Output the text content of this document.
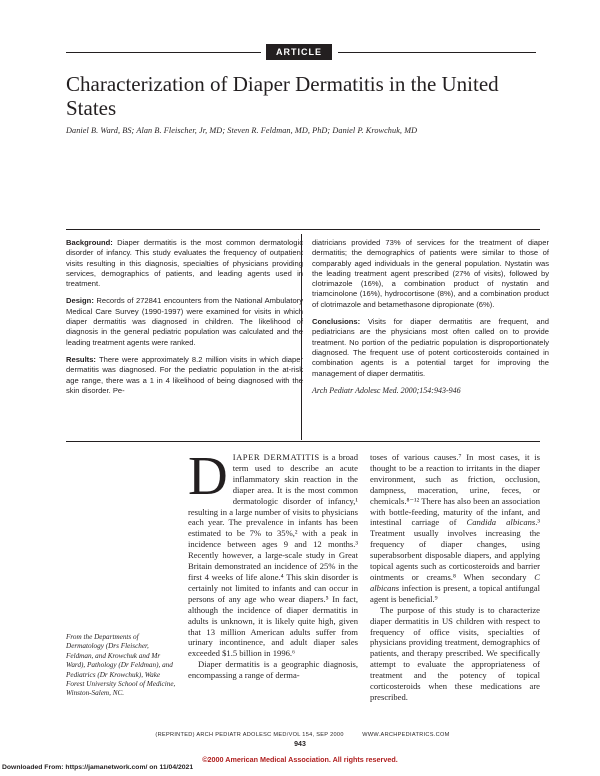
ARTICLE
Characterization of Diaper Dermatitis in the United States
Daniel B. Ward, BS; Alan B. Fleischer, Jr, MD; Steven R. Feldman, MD, PhD; Daniel P. Krowchuk, MD

Background: Diaper dermatitis is the most common dermatologic disorder of infancy. This study evaluates the frequency of outpatient visits resulting in this diagnosis, specialties of physicians providing services, demographics of patients, and leading agents used in treatment.

Design: Records of 272841 encounters from the National Ambulatory Medical Care Survey (1990-1997) were examined for visits in which diaper dermatitis was diagnosed in children. The likelihood of diagnosis in the general pediatric population was calculated and the leading treatment agents were ranked.

Results: There were approximately 8.2 million visits in which diaper dermatitis was diagnosed. For the pediatric population in the at-risk age range, there was a 1 in 4 likelihood of being diagnosed with the skin disorder. Pe-

diatricians provided 73% of services for the treatment of diaper dermatitis; the demographics of patients were similar to those of comparably aged individuals in the general population. Nystatin was the leading treatment agent prescribed (27% of visits), followed by clotrimazole (16%), a combination product of nystatin and triamcinolone (16%), hydrocortisone (8%), and a combination product of clotrimazole and betamethasone dipropionate (6%).

Conclusions: Visits for diaper dermatitis are frequent, and pediatricians are the physicians most often called on to provide treatment. No portion of the pediatric population is disproportionately diagnosed. The frequent use of potent corticosteroids contained in combination agents is a potential target for improving the management of diaper dermatitis.

Arch Pediatr Adolesc Med. 2000;154:943-946

DIAPER DERMATITIS is a broad term used to describe an acute inflammatory skin reaction in the diaper area. It is the most common dermatologic disorder of infancy,¹ resulting in a large number of visits to physicians each year. The prevalence in infants has been estimated to be 7% to 35%,² with a peak in incidence between ages 9 and 12 months.³ Recently however, a large-scale study in Great Britain demonstrated an incidence of 25% in the first 4 weeks of life alone.⁴ This skin disorder is certainly not limited to infants and can occur in persons of any age who wear diapers.⁵ In fact, although the incidence of diaper dermatitis in adults is unknown, it is likely quite high, given that 13 million American adults suffer from urinary incontinence, and adult diaper sales exceeded $1.5 billion in 1996.⁶

Diaper dermatitis is a geographic diagnosis, encompassing a range of derma-

toses of various causes.⁷ In most cases, it is thought to be a reaction to irritants in the diaper environment, such as friction, occlusion, dampness, maceration, urine, feces, or chemicals.⁸⁻¹² There has also been an association with bottle-feeding, maturity of the infant, and intestinal carriage of Candida albicans.³ Treatment usually involves increasing the frequency of diaper changes, using superabsorbent disposable diapers, and applying topical agents such as corticosteroids and barrier ointments or creams.⁸ When secondary C albicans infection is present, a topical antifungal agent is beneficial.⁹

The purpose of this study is to characterize diaper dermatitis in US children with respect to frequency of office visits, specialties of physicians providing treatment, demographics of patients, and therapy prescribed. We specifically attempt to evaluate the appropriateness of treatment and the potency of topical corticosteroids when these medications are prescribed.

From the Departments of Dermatology (Drs Fleischer, Feldman, and Krowchuk and Mr Ward), Pathology (Dr Feldman), and Pediatrics (Dr Krowchuk), Wake Forest University School of Medicine, Winston-Salem, NC.
(REPRINTED) ARCH PEDIATR ADOLESC MED/VOL 154, SEP 2000          WWW.ARCHPEDIATRICS.COM
943
©2000 American Medical Association. All rights reserved.
Downloaded From: https://jamanetwork.com/ on 11/04/2021
